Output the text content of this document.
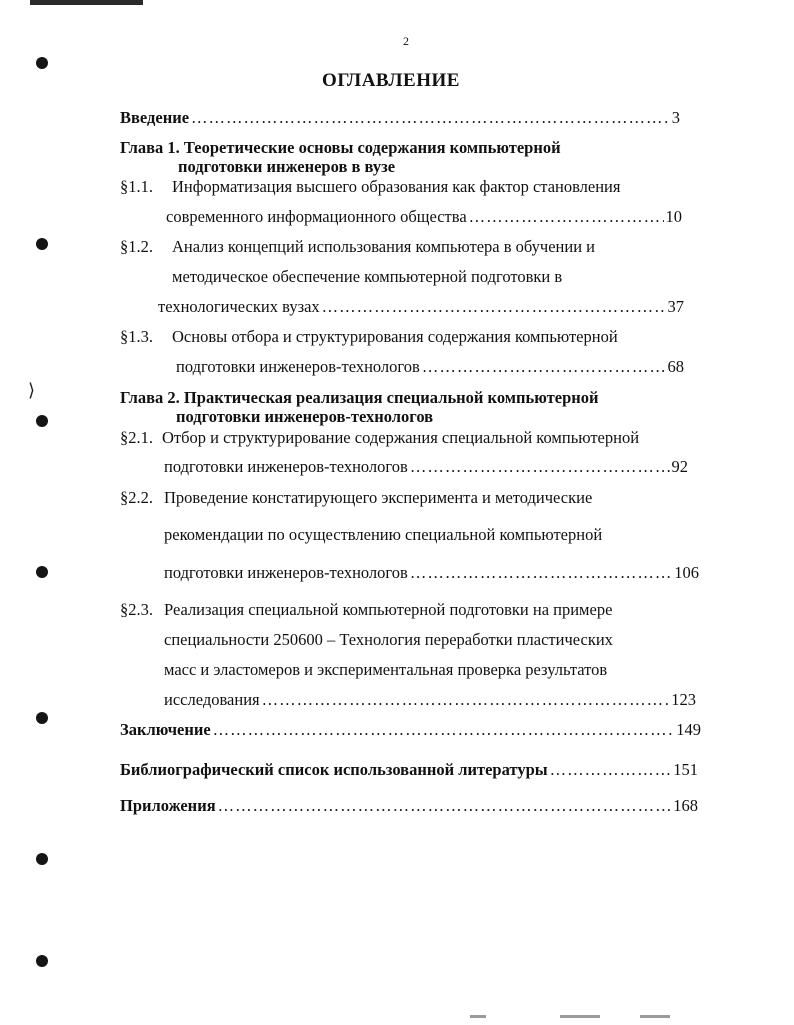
⟩
2
ОГЛАВЛЕНИЕ
Введение ……………………………………………………………………………………………………………………………………………………………………………………………………	3
Глава 1. Теоретические основы содержания компьютерной
подготовки инженеров в вузе
§1.1. Информатизация высшего образования как фактор становления
современного информационного общества ……………………………………………………………………………………………………………………………………………………………………………………………………	10
§1.2. Анализ концепций использования компьютера в обучении и
методическое обеспечение компьютерной подготовки в
технологических вузах ……………………………………………………………………………………………………………………………………………………………………………………………………	37
§1.3. Основы отбора и структурирования содержания компьютерной
подготовки инженеров-технологов ……………………………………………………………………………………………………………………………………………………………………………………………………	68
Глава 2. Практическая реализация специальной компьютерной
подготовки инженеров-технологов
§2.1. Отбор и структурирование содержания специальной компьютерной
подготовки инженеров-технологов ……………………………………………………………………………………………………………………………………………………………………………………………………	92
§2.2. Проведение констатирующего эксперимента и методические
рекомендации по осуществлению специальной компьютерной
подготовки инженеров-технологов ……………………………………………………………………………………………………………………………………………………………………………………………………	106
§2.3. Реализация специальной компьютерной подготовки на примере
специальности 250600 – Технология переработки пластических
масс и эластомеров и экспериментальная проверка результатов
исследования ……………………………………………………………………………………………………………………………………………………………………………………………………	123
Заключение ……………………………………………………………………………………………………………………………………………………………………………………………………	149
Библиографический список использованной литературы ……………………………………………………………………………………………………………………………………………………………………………………………………	151
Приложения ……………………………………………………………………………………………………………………………………………………………………………………………………	168
